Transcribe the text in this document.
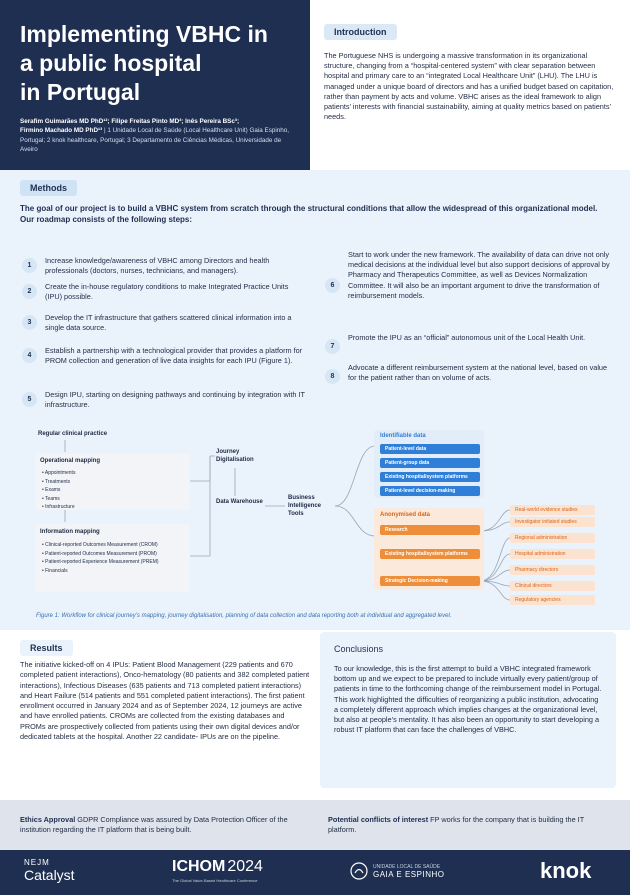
Implementing VBHC in
a public hospital
in Portugal
Serafim Guimarães MD PhD¹²; Filipe Freitas Pinto MD²; Inês Pereira BSc³;
Firmino Machado MD PhD¹³ | 1 Unidade Local de Saúde (Local Healthcare Unit) Gaia Espinho, Portugal; 2 knok healthcare, Portugal; 3 Departamento de Ciências Médicas, Universidade de Aveiro
Introduction

The Portuguese NHS is undergoing a massive transformation in its organizational structure, changing from a “hospital-centered system” with clear separation between hospital and primary care to an “integrated Local Healthcare Unit” (LHU). The LHU is managed under a unique board of directors and has a unified budget based on capitation, rather than payment by acts and volume. VBHC arises as the ideal framework to align patients’ interests with financial sustainability, aiming at quality metrics based on patients’ needs.

Methods
The goal of our project is to build a VBHC system from scratch through the structural conditions that allow the widespread of this organizational model. Our roadmap consists of the following steps:
1
Increase knowledge/awareness of VBHC among Directors and health professionals (doctors, nurses, technicians, and managers).
2
Create the in-house regulatory conditions to make Integrated Practice Units (IPU) possible.
3
Develop the IT infrastructure that gathers scattered clinical information into a single data source.
4
Establish a partnership with a technological provider that provides a platform for PROM collection and generation of live data insights for each IPU (Figure 1).
5
Design IPU, starting on designing pathways and continuing by integration with IT infrastructure.
6
Start to work under the new framework. The availability of data can drive not only medical decisions at the individual level but also support decisions of approval by Pharmacy and Therapeutics Committee, as well as Devices Normalization Committee. It will also be an important argument to drive the transformation of reimbursement models.
7
Promote the IPU as an “official” autonomous unit of the Local Health Unit.
8
Advocate a different reimbursement system at the national level, based on value for the patient rather than on volume of acts.
Regular clinical practice
Operational mapping
• Appointments
• Treatments
• Exams
• Teams
• Infrastructure
Information mapping
• Clinical-reported Outcomes Measurement (CROM)
• Patient-reported Outcomes Measurement (PROM)
• Patient-reported Experience Measurement (PREM)
• Financials
Journey Digitalisation
Data Warehouse
Business Intelligence Tools
Identifiable data
Patient-level data
Patient-group data
Existing hospital/system platforms
Patient-level decision-making
Anonymised data
Research
Existing hospital/system platforms
Strategic Decision-making
Real-world evidence studies
Investigator initiated studies
Regional administration
Hospital administration
Pharmacy directors
Clinical directors
Regulatory agencies
Figure 1: Workflow for clinical journey’s mapping, journey digitalisation, planning of data collection and data reporting both at individual and aggregated level.
Results
The initiative kicked-off on 4 IPUs: Patient Blood Management (229 patients and 670 completed patient interactions), Onco-hematology (80 patients and 382 completed patient interactions), Infectious Diseases (635 patients and 713 completed patient interactions) and Heart Failure (514 patients and 551 completed patient interactions). The first patient enrollment occurred in January 2024 and as of September 2024, 12 journeys are active and have enrolled patients. CROMs are collected from the existing databases and PROMs are prospectively collected from patients using their own digital devices and/or dedicated tablets at the hospital. Another 22 candidate- IPUs are on the pipeline.
Conclusions

To our knowledge, this is the first attempt to build a VBHC integrated framework bottom up and we expect to be prepared to include virtually every patient/group of patients in time to the forthcoming change of the reimbursement model in Portugal. This work highlighted the difficulties of reorganizing a public institution, advocating a completely different approach which implies changes at the organizational level, but also at people’s mentality. It has also been an opportunity to start developing a robust IT platform that can face the challenges of VBHC.

Ethics Approval GDPR Compliance was assured by Data Protection Officer of the institution regarding the IT platform that is being built.
Potential conflicts of interest FP works for the company that is building the IT platform.
NEJM
Catalyst	ICHOM 2024
The Global Value-Based Healthcare Conference
UNIDADE LOCAL DE SAÚDE
GAIA E ESPINHO	knok
